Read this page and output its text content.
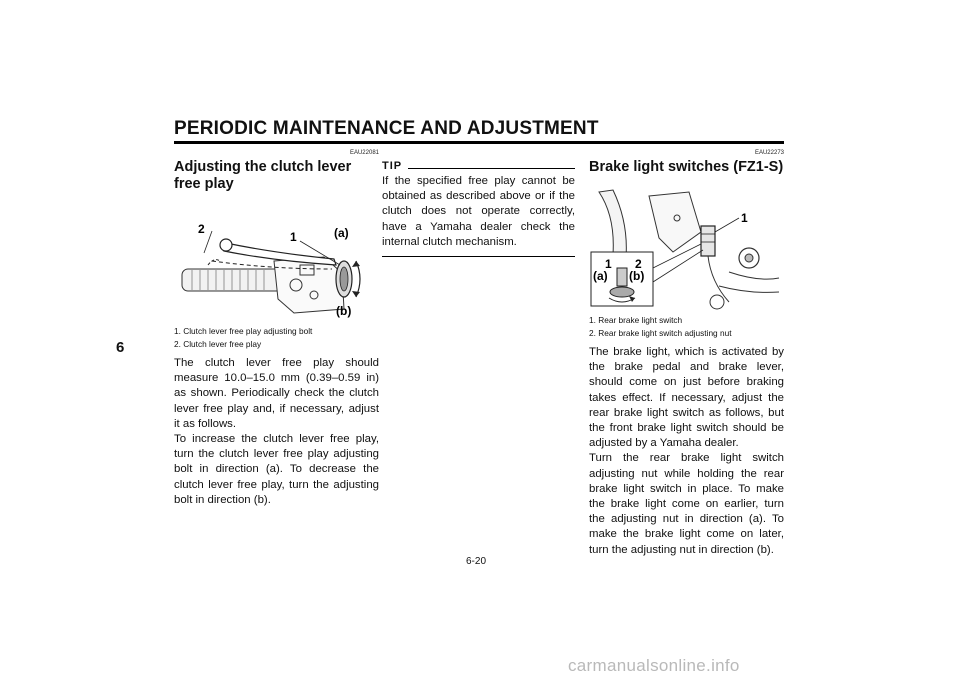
PERIODIC MAINTENANCE AND ADJUSTMENT
6
EAU22081
Adjusting the clutch lever free play
2
1	(a)
(b)
1. Clutch lever free play adjusting bolt
2. Clutch lever free play

The clutch lever free play should measure 10.0–15.0 mm (0.39–0.59 in) as shown. Periodically check the clutch lever free play and, if necessary, adjust it as follows.

To increase the clutch lever free play, turn the clutch lever free play adjusting bolt in direction (a). To decrease the clutch lever free play, turn the adjusting bolt in direction (b).

TIP
If the specified free play cannot be obtained as described above or if the clutch does not operate correctly, have a Yamaha dealer check the internal clutch mechanism.
EAU22273
Brake light switches (FZ1-S)
1
1 2
(a) (b)
1. Rear brake light switch
2. Rear brake light switch adjusting nut

The brake light, which is activated by the brake pedal and brake lever, should come on just before braking takes effect. If necessary, adjust the rear brake light switch as follows, but the front brake light switch should be adjusted by a Yamaha dealer.

Turn the rear brake light switch adjusting nut while holding the rear brake light switch in place. To make the brake light come on earlier, turn the adjusting nut in direction (a). To make the brake light come on later, turn the adjusting nut in direction (b).

6-20
carmanualsonline.info
